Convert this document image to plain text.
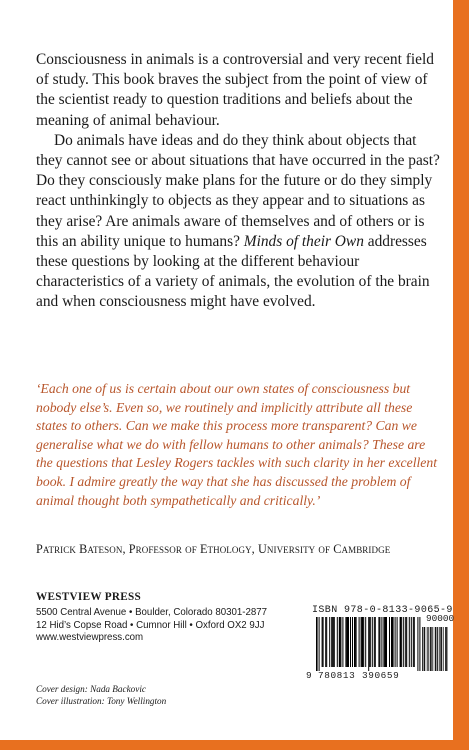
Consciousness in animals is a controversial and very recent field of study. This book braves the subject from the point of view of the scientist ready to question traditions and beliefs about the meaning of animal behaviour.

Do animals have ideas and do they think about objects that they cannot see or about situations that have occurred in the past? Do they consciously make plans for the future or do they simply react unthinkingly to objects as they appear and to situations as they arise? Are animals aware of themselves and of others or is this an ability unique to humans? Minds of their Own addresses these questions by looking at the different behaviour characteristics of a variety of animals, the evolution of the brain and when consciousness might have evolved.

‘Each one of us is certain about our own states of consciousness but nobody else’s. Even so, we routinely and implicitly attribute all these states to others. Can we make this process more transparent? Can we generalise what we do with fellow humans to other animals? These are the questions that Lesley Rogers tackles with such clarity in her excellent book. I admire greatly the way that she has discussed the problem of animal thought both sympathetically and critically.’
Patrick Bateson, Professor of Ethology, University of Cambridge
WESTVIEW PRESS
5500 Central Avenue • Boulder, Colorado 80301-2877
12 Hid’s Copse Road • Cumnor Hill • Oxford OX2 9JJ
www.westviewpress.com
Cover design: Nada Backovic
Cover illustration: Tony Wellington
ISBN 978-0-8133-9065-9
90000
9 780813 390659
